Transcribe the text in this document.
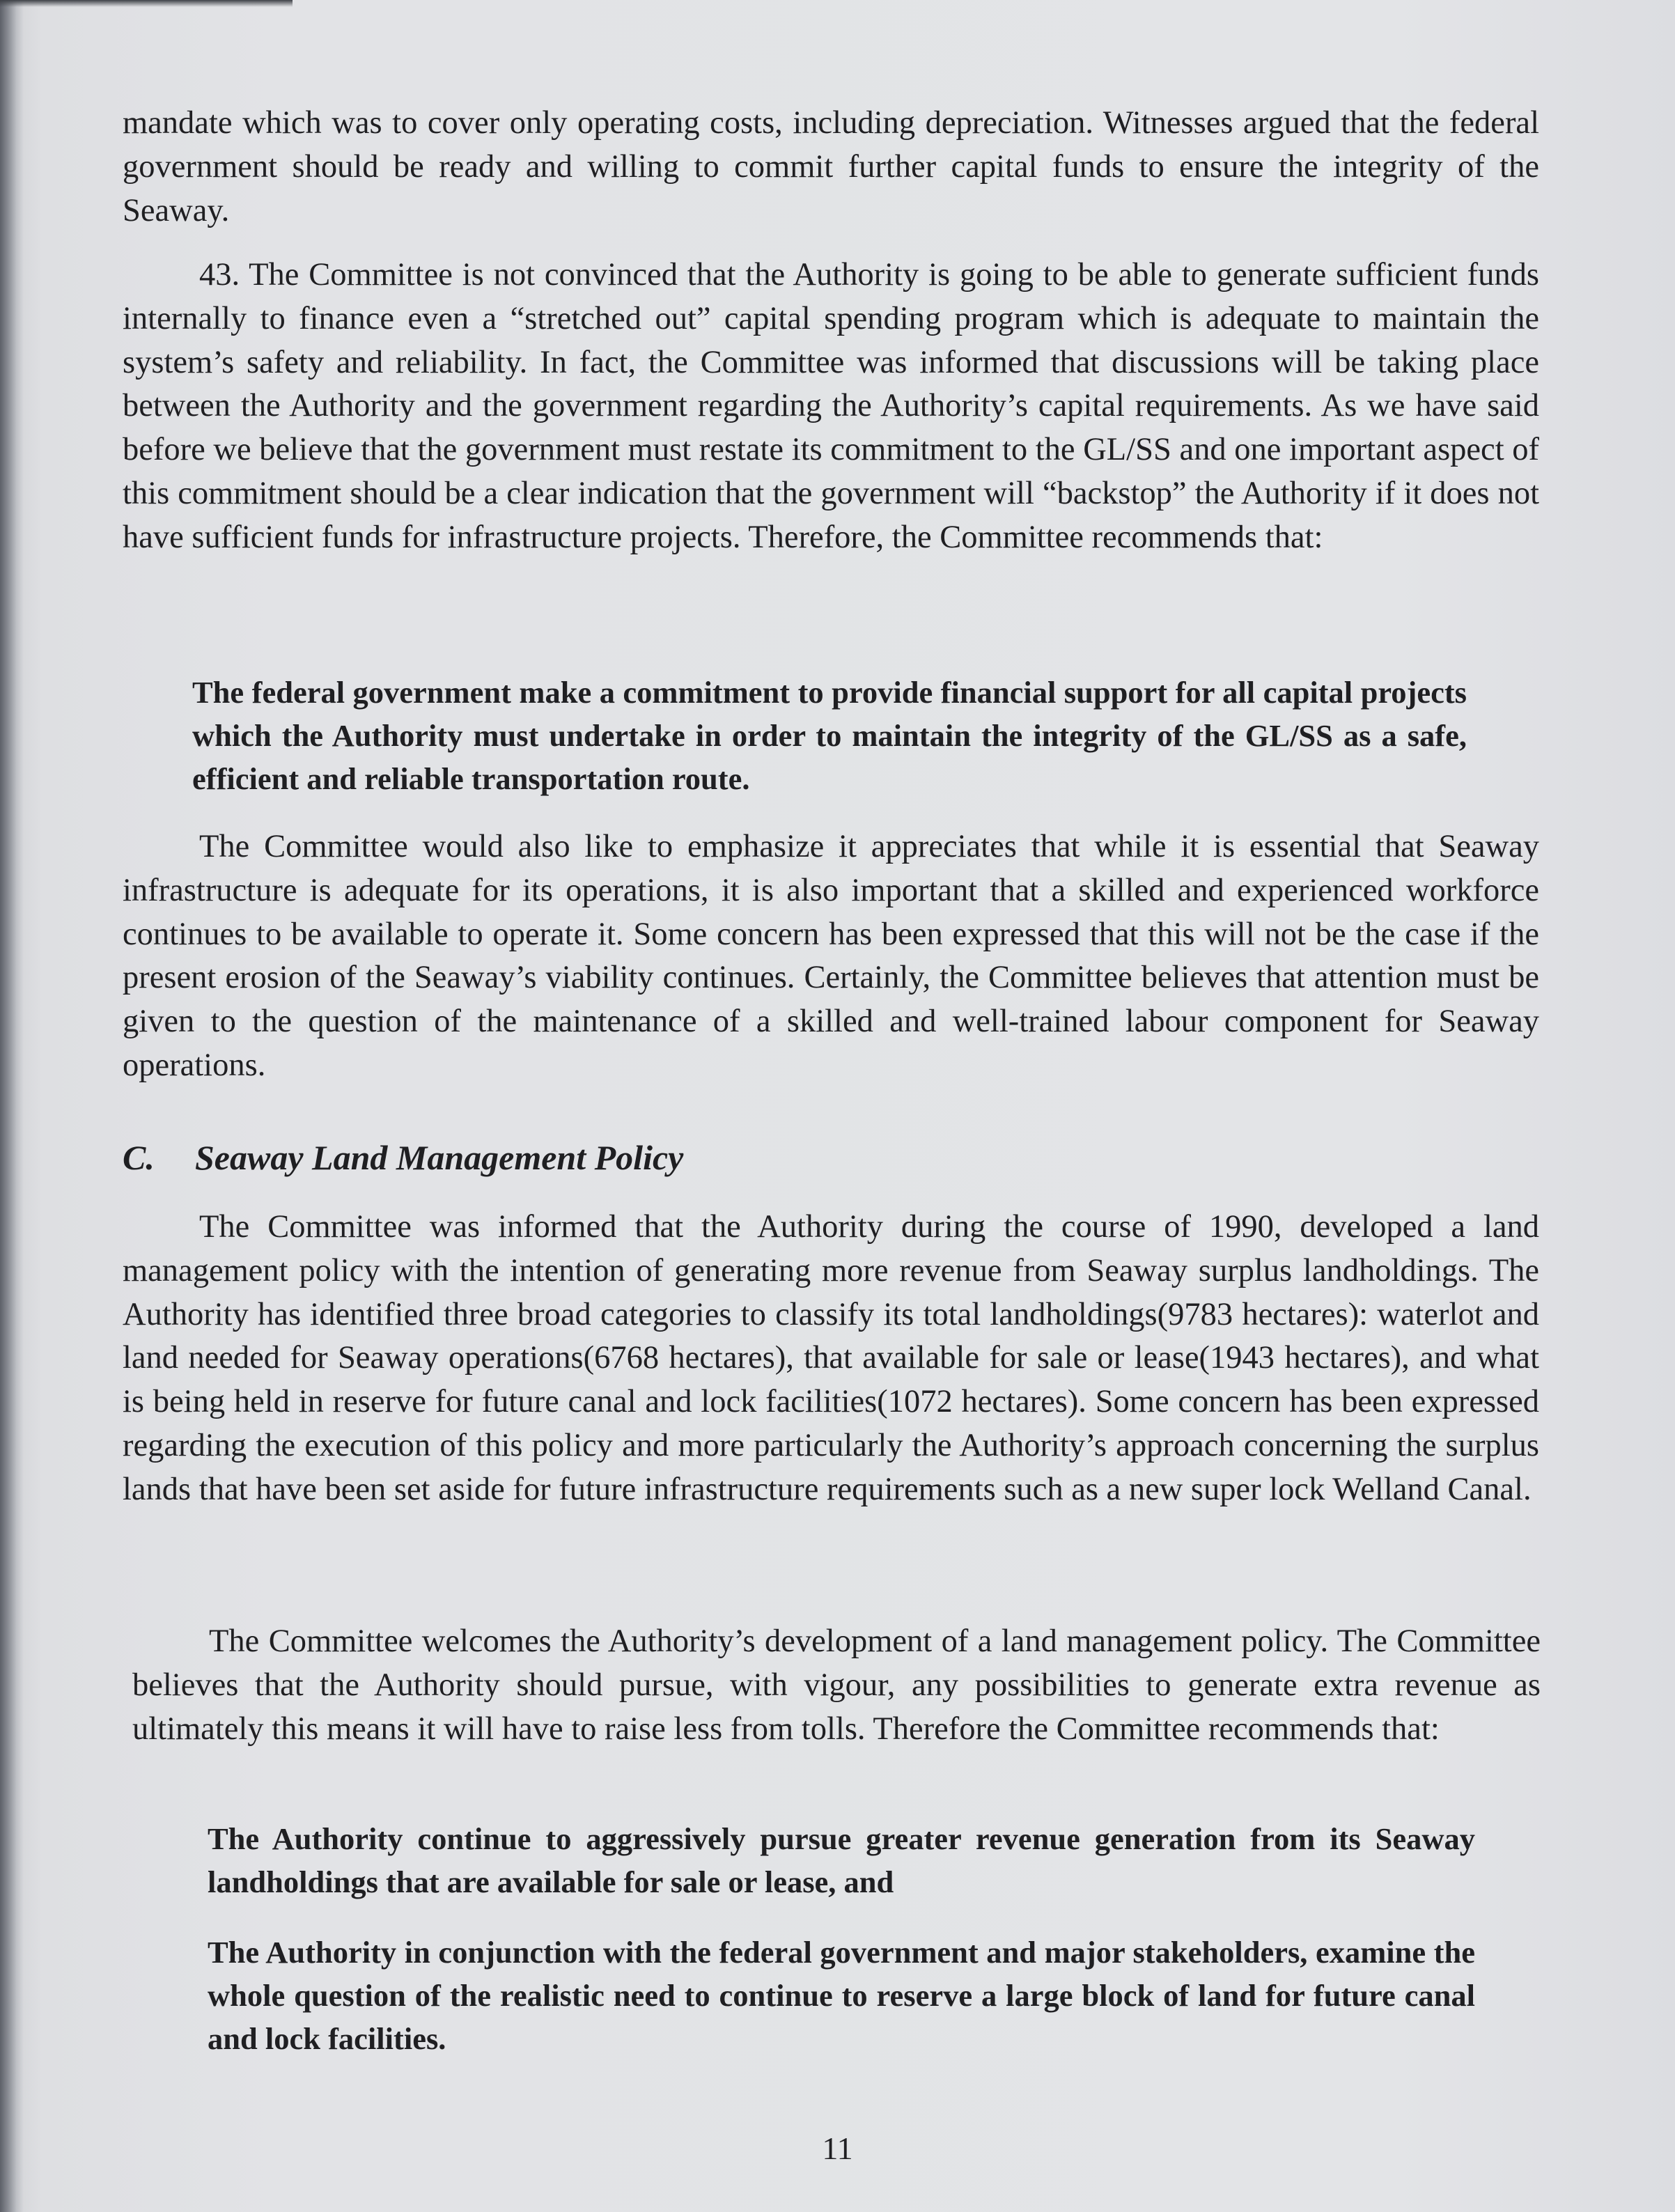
mandate which was to cover only operating costs, including depreciation. Witnesses argued that the federal government should be ready and willing to commit further capital funds to ensure the integrity of the Seaway.

43. The Committee is not convinced that the Authority is going to be able to generate sufficient funds internally to finance even a “stretched out” capital spending program which is adequate to maintain the system’s safety and reliability. In fact, the Committee was informed that discussions will be taking place between the Authority and the government regarding the Authority’s capital requirements. As we have said before we believe that the government must restate its commitment to the GL/SS and one important aspect of this commitment should be a clear indication that the government will “backstop” the Authority if it does not have sufficient funds for infrastructure projects. Therefore, the Committee recommends that:

The federal government make a commitment to provide financial support for all capital projects which the Authority must undertake in order to maintain the integrity of the GL/SS as a safe, efficient and reliable transportation route.

The Committee would also like to emphasize it appreciates that while it is essential that Seaway infrastructure is adequate for its operations, it is also important that a skilled and experienced workforce continues to be available to operate it. Some concern has been expressed that this will not be the case if the present erosion of the Seaway’s viability continues. Certainly, the Committee believes that attention must be given to the question of the maintenance of a skilled and well-trained labour component for Seaway operations.

C. Seaway Land Management Policy

The Committee was informed that the Authority during the course of 1990, developed a land management policy with the intention of generating more revenue from Seaway surplus landholdings. The Authority has identified three broad categories to classify its total landholdings(9783 hectares): waterlot and land needed for Seaway operations(6768 hectares), that available for sale or lease(1943 hectares), and what is being held in reserve for future canal and lock facilities(1072 hectares). Some concern has been expressed regarding the execution of this policy and more particularly the Authority’s approach concerning the surplus lands that have been set aside for future infrastructure requirements such as a new super lock Welland Canal.

The Committee welcomes the Authority’s development of a land management policy. The Committee believes that the Authority should pursue, with vigour, any possibilities to generate extra revenue as ultimately this means it will have to raise less from tolls. Therefore the Committee recommends that:

The Authority continue to aggressively pursue greater revenue generation from its Seaway landholdings that are available for sale or lease, and

The Authority in conjunction with the federal government and major stakeholders, examine the whole question of the realistic need to continue to reserve a large block of land for future canal and lock facilities.

11
